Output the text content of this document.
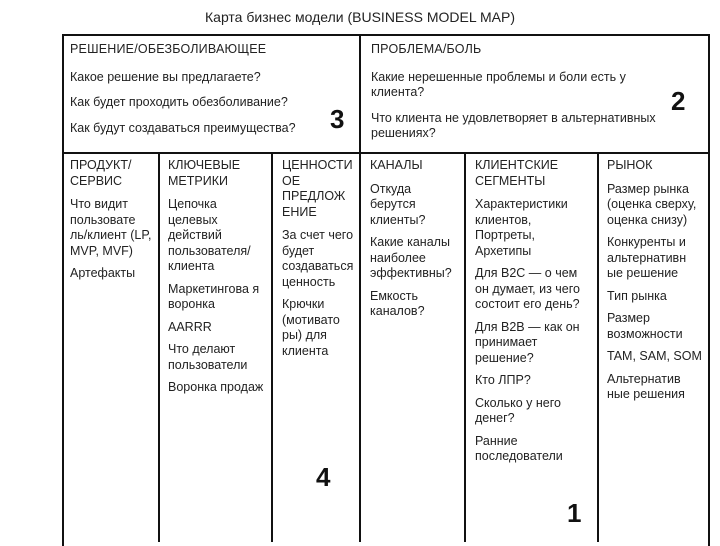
Карта бизнес модели (BUSINESS MODEL MAP)
РЕШЕНИЕ/ОБЕЗБОЛИВАЮЩЕЕ
Какое решение вы предлагаете?
Как будет проходить обезболивание?
Как будут создаваться преимущества?	3
ПРОБЛЕМА/БОЛЬ
Какие нерешенные проблемы и боли есть у клиента?
Что клиента не удовлетворяет в альтернативных решениях?
2
ПРОДУКТ/ СЕРВИС
Что видит пользовате ль/клиент (LP, MVP, MVF)
Артефакты
КЛЮЧЕВЫЕ МЕТРИКИ
Цепочка целевых действий пользователя/ клиента
Маркетингова я воронка
AARRR
Что делают пользователи
Воронка продаж
ЦЕННОСТИ ОЕ ПРЕДЛОЖ ЕНИЕ
За счет чего будет создаваться ценность
Крючки (мотивато ры) для клиента
КАНАЛЫ
Откуда берутся клиенты?
Какие каналы наиболее эффективны?
Емкость каналов?
КЛИЕНТСКИЕ СЕГМЕНТЫ
Характеристики клиентов, Портреты, Архетипы
Для B2C — о чем он думает, из чего состоит его день?
Для B2B — как он принимает решение?
Кто ЛПР?
Сколько у него денег?
Ранние последователи
РЫНОК
Размер рынка (оценка сверху, оценка снизу)
Конкуренты и альтернативн ые решение
Тип рынка
Размер возможности
TAM, SAM, SOM
Альтернатив ные решения
4
1
